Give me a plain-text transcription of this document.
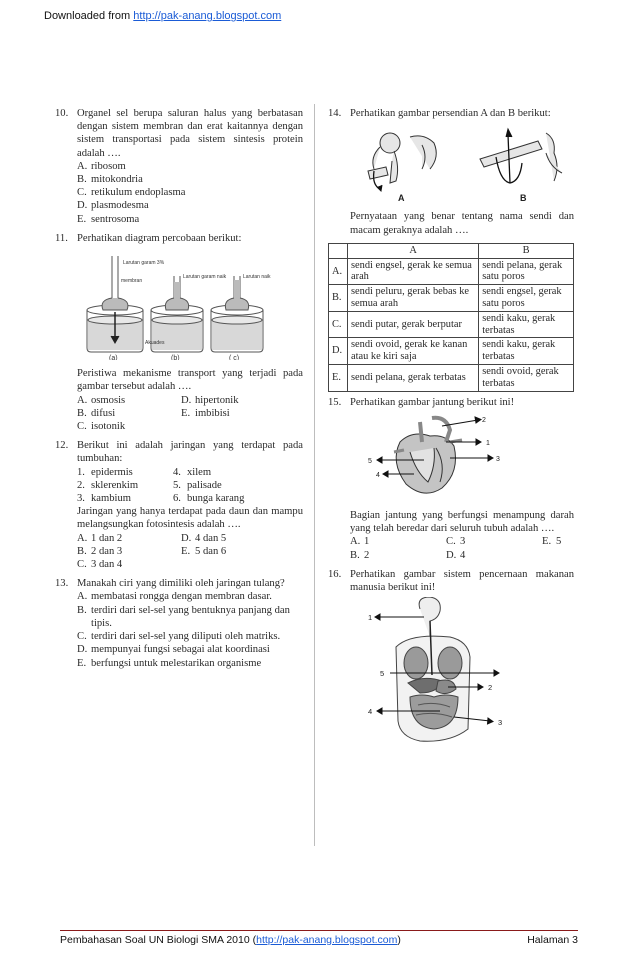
Downloaded from http://pak-anang.blogspot.com
10. Organel sel berupa saluran halus yang berbatasan dengan sistem membran dan erat kaitannya dengan sistem transportasi pada sistem sintesis protein adalah ….
A. ribosom
B. mitokondria
C. retikulum endoplasma
D. plasmodesma
E. sentrosoma
11. Perhatikan diagram percobaan berikut:
Larutan garam 3%
membran
Larutan garam naik	Larutan naik
Akuades
(a)	(b)	( c)
Peristiwa mekanisme transport yang terjadi pada gambar tersebut adalah ….
A. osmosis	D. hipertonik
B. difusi	E. imbibisi
C. isotonik
12. Berikut ini adalah jaringan yang terdapat pada tumbuhan:
1. epidermis	4. xilem
2. sklerenkim	5. palisade
3. kambium	6. bunga karang
Jaringan yang hanya terdapat pada daun dan mampu melangsungkan fotosintesis adalah ….
A. 1 dan 2	D. 4 dan 5
B. 2 dan 3	E. 5 dan 6
C. 3 dan 4
13. Manakah ciri yang dimiliki oleh jaringan tulang?
A. membatasi rongga dengan membran dasar.
B. terdiri dari sel-sel yang bentuknya panjang dan tipis.
C. terdiri dari sel-sel yang diliputi oleh matriks.
D. mempunyai fungsi sebagai alat koordinasi
E. berfungsi untuk melestarikan organisme
14. Perhatikan gambar persendian A dan B berikut:
A	B
Pernyataan yang benar tentang nama sendi dan macam geraknya adalah ….
	A	B
A.	sendi engsel, gerak ke semua arah	sendi pelana, gerak satu poros
B.	sendi peluru, gerak bebas ke semua arah	sendi engsel, gerak satu poros
C.	sendi putar, gerak berputar	sendi kaku, gerak terbatas
D.	sendi ovoid, gerak ke kanan atau ke kiri saja	sendi kaku, gerak terbatas
E.	sendi pelana, gerak terbatas	sendi ovoid, gerak terbatas
15. Perhatikan gambar jantung berikut ini!
1
2
3
4
5
Bagian jantung yang berfungsi menampung darah yang telah beredar dari seluruh tubuh adalah ….
A. 1	C. 3	E. 5
B. 2	D. 4
16. Perhatikan gambar sistem pencernaan makanan manusia berikut ini!
1
2
3
4
5
Pembahasan Soal UN Biologi SMA 2010 (http://pak-anang.blogspot.com)	Halaman 3
